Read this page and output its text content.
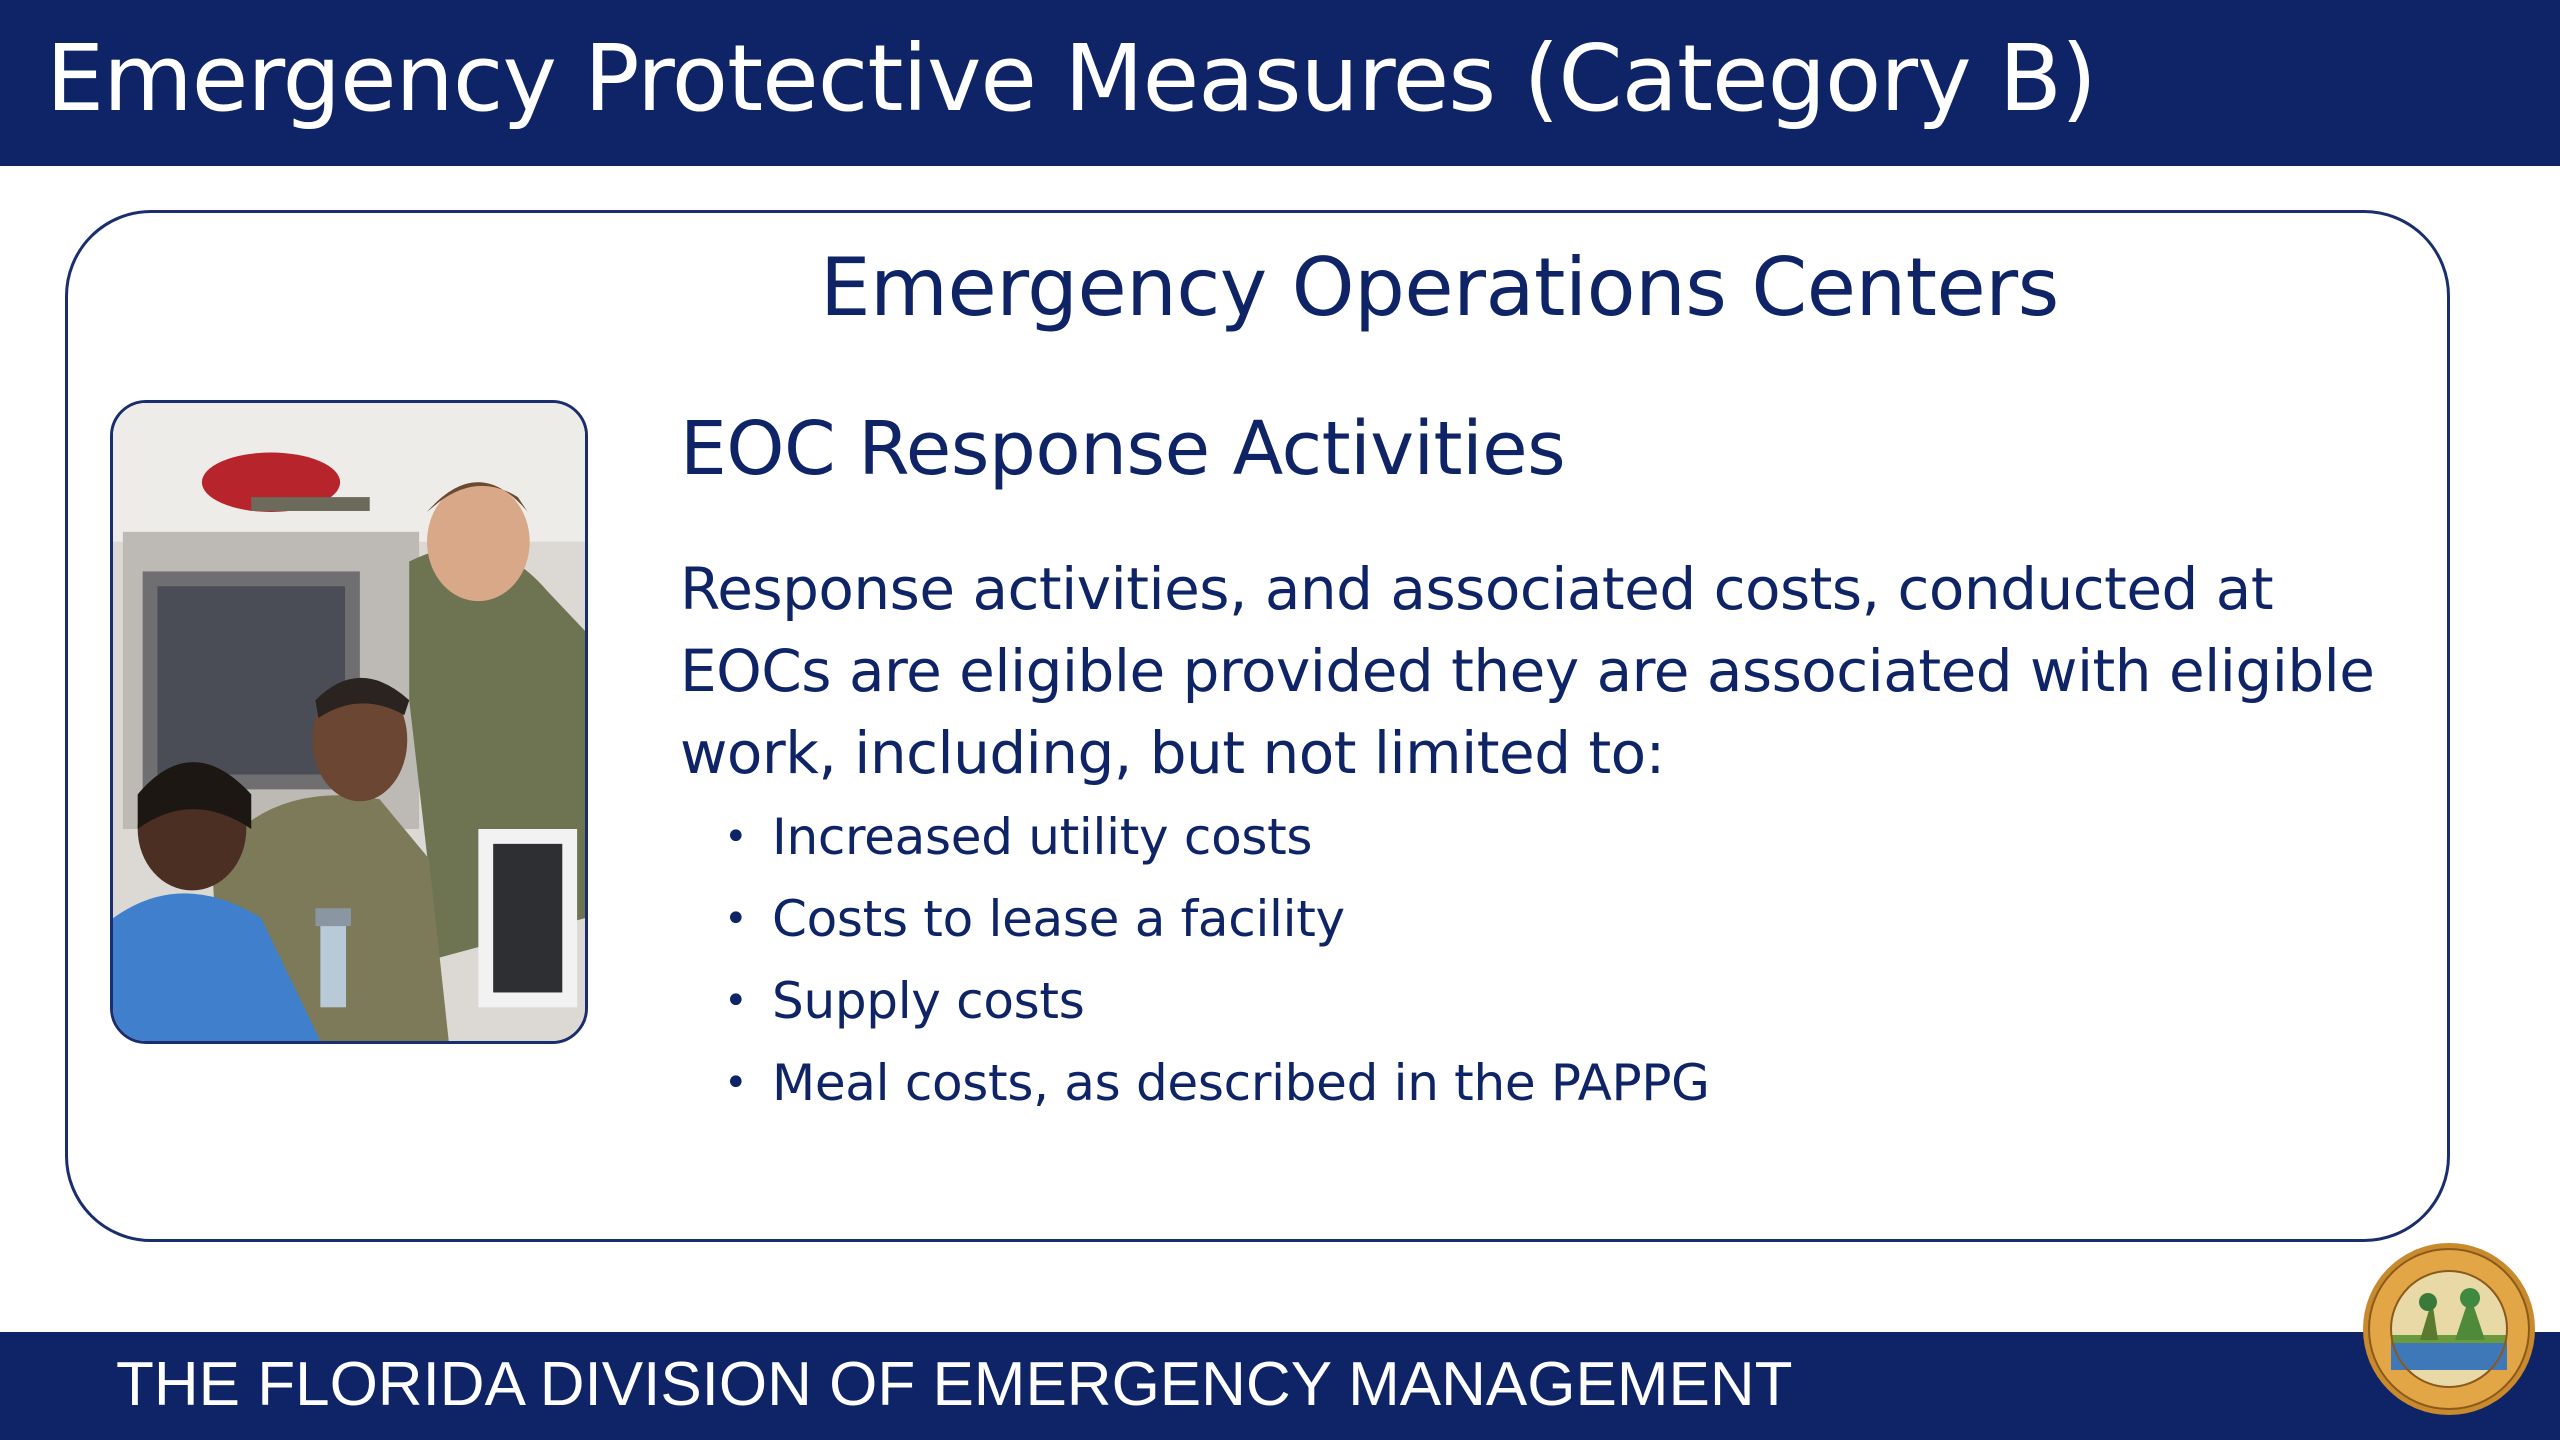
Emergency Protective Measures (Category B)
Emergency Operations Centers
EOC Response Activities

Response activities, and associated costs, conducted at EOCs are eligible provided they are associated with eligible work, including, but not limited to:

• Increased utility costs
• Costs to lease a facility
• Supply costs
• Meal costs, as described in the PAPPG
THE FLORIDA DIVISION OF EMERGENCY MANAGEMENT
